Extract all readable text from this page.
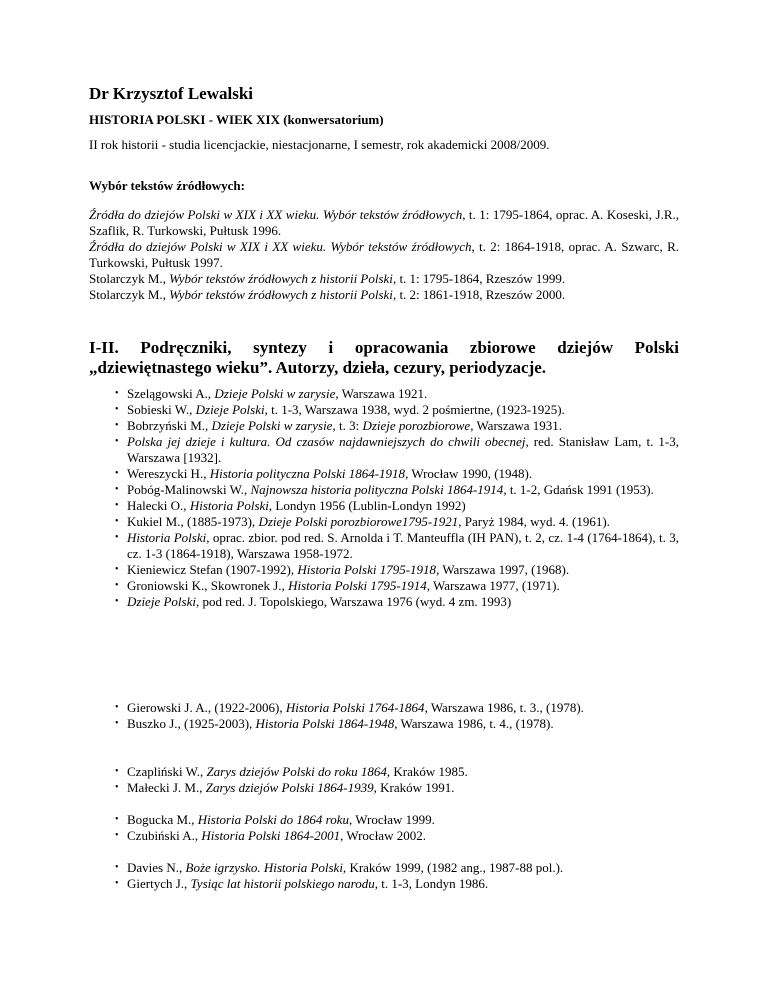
Dr Krzysztof Lewalski
HISTORIA POLSKI - WIEK XIX (konwersatorium)
II rok historii - studia licencjackie, niestacjonarne, I semestr, rok akademicki 2008/2009.
Wybór tekstów źródłowych:

Źródła do dziejów Polski w XIX i XX wieku. Wybór tekstów źródłowych, t. 1: 1795-1864, oprac. A. Koseski, J.R., Szaflik, R. Turkowski, Pułtusk 1996.

Źródła do dziejów Polski w XIX i XX wieku. Wybór tekstów źródłowych, t. 2: 1864-1918, oprac. A. Szwarc, R. Turkowski, Pułtusk 1997.

Stolarczyk M., Wybór tekstów źródłowych z historii Polski, t. 1: 1795-1864, Rzeszów 1999.

Stolarczyk M., Wybór tekstów źródłowych z historii Polski, t. 2: 1861-1918, Rzeszów 2000.

I-II. Podręczniki, syntezy i opracowania zbiorowe dziejów Polski „dziewiętnastego wieku”. Autorzy, dzieła, cezury, periodyzacje.
• Szelągowski A., Dzieje Polski w zarysie, Warszawa 1921.
• Sobieski W., Dzieje Polski, t. 1-3, Warszawa 1938, wyd. 2 pośmiertne, (1923-1925).
• Bobrzyński M., Dzieje Polski w zarysie, t. 3: Dzieje porozbiorowe, Warszawa 1931.
• Polska jej dzieje i kultura. Od czasów najdawniejszych do chwili obecnej, red. Stanisław Lam, t. 1-3, Warszawa [1932].
• Wereszycki H., Historia polityczna Polski 1864-1918, Wrocław 1990, (1948).
• Pobóg-Malinowski W., Najnowsza historia polityczna Polski 1864-1914, t. 1-2, Gdańsk 1991 (1953).
• Halecki O., Historia Polski, Londyn 1956 (Lublin-Londyn 1992)
• Kukiel M., (1885-1973), Dzieje Polski porozbiorowe1795-1921, Paryż 1984, wyd. 4. (1961).
• Historia Polski, oprac. zbior. pod red. S. Arnolda i T. Manteuffla (IH PAN), t. 2, cz. 1-4 (1764-1864), t. 3, cz. 1-3 (1864-1918), Warszawa 1958-1972.
• Kieniewicz Stefan (1907-1992), Historia Polski 1795-1918, Warszawa 1997, (1968).
• Groniowski K., Skowronek J., Historia Polski 1795-1914, Warszawa 1977, (1971).
• Dzieje Polski, pod red. J. Topolskiego, Warszawa 1976 (wyd. 4 zm. 1993)
• Gierowski J. A., (1922-2006), Historia Polski 1764-1864, Warszawa 1986, t. 3., (1978).
• Buszko J., (1925-2003), Historia Polski 1864-1948, Warszawa 1986, t. 4., (1978).
• Czapliński W., Zarys dziejów Polski do roku 1864, Kraków 1985.
• Małecki J. M., Zarys dziejów Polski 1864-1939, Kraków 1991.
• Bogucka M., Historia Polski do 1864 roku, Wrocław 1999.
• Czubiński A., Historia Polski 1864-2001, Wrocław 2002.
• Davies N., Boże igrzysko. Historia Polski, Kraków 1999, (1982 ang., 1987-88 pol.).
• Giertych J., Tysiąc lat historii polskiego narodu, t. 1-3, Londyn 1986.
